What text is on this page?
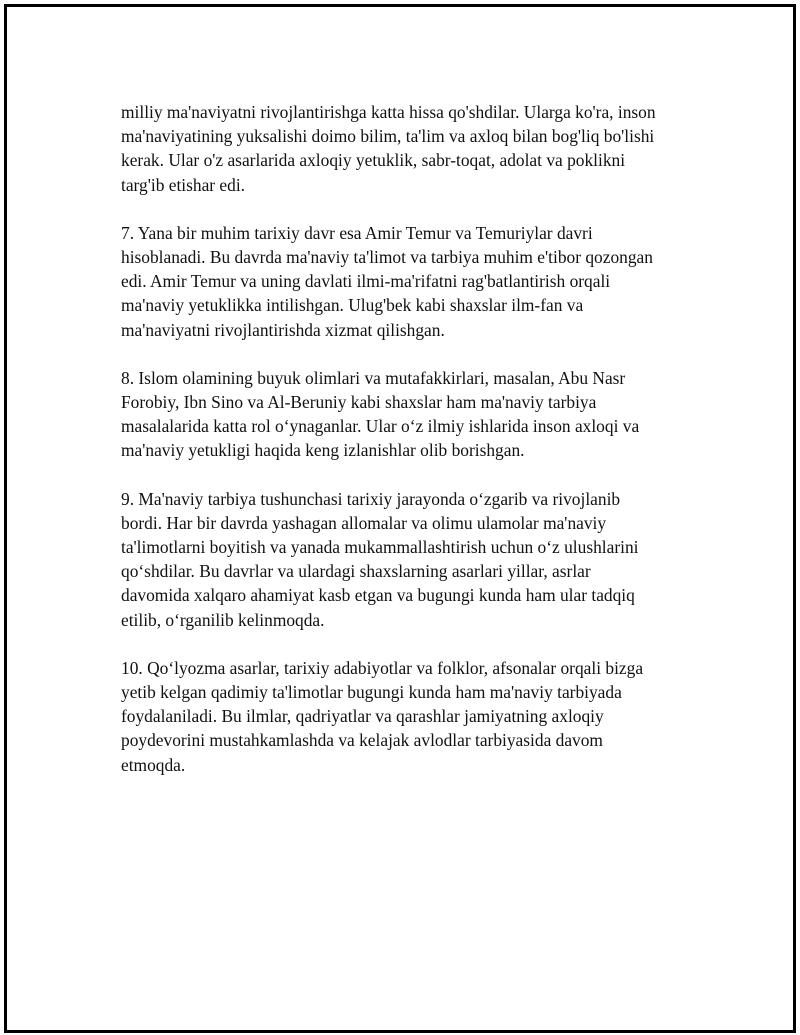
milliy ma'naviyatni rivojlantirishga katta hissa qo'shdilar. Ularga ko'ra, inson
ma'naviyatining yuksalishi doimo bilim, ta'lim va axloq bilan bog'liq bo'lishi
kerak. Ular o'z asarlarida axloqiy yetuklik, sabr-toqat, adolat va poklikni
targ'ib etishar edi.

7. Yana bir muhim tarixiy davr esa Amir Temur va Temuriylar davri
hisoblanadi. Bu davrda ma'naviy ta'limot va tarbiya muhim e'tibor qozongan
edi. Amir Temur va uning davlati ilmi-ma'rifatni rag'batlantirish orqali
ma'naviy yetuklikka intilishgan. Ulug'bek kabi shaxslar ilm-fan va
ma'naviyatni rivojlantirishda xizmat qilishgan.

8. Islom olamining buyuk olimlari va mutafakkirlari, masalan, Abu Nasr
Forobiy, Ibn Sino va Al-Beruniy kabi shaxslar ham ma'naviy tarbiya
masalalarida katta rol o‘ynaganlar. Ular o‘z ilmiy ishlarida inson axloqi va
ma'naviy yetukligi haqida keng izlanishlar olib borishgan.

9. Ma'naviy tarbiya tushunchasi tarixiy jarayonda o‘zgarib va rivojlanib
bordi. Har bir davrda yashagan allomalar va olimu ulamolar ma'naviy
ta'limotlarni boyitish va yanada mukammallashtirish uchun o‘z ulushlarini
qo‘shdilar. Bu davrlar va ulardagi shaxslarning asarlari yillar, asrlar
davomida xalqaro ahamiyat kasb etgan va bugungi kunda ham ular tadqiq
etilib, o‘rganilib kelinmoqda.

10. Qo‘lyozma asarlar, tarixiy adabiyotlar va folklor, afsonalar orqali bizga
yetib kelgan qadimiy ta'limotlar bugungi kunda ham ma'naviy tarbiyada
foydalaniladi. Bu ilmlar, qadriyatlar va qarashlar jamiyatning axloqiy
poydevorini mustahkamlashda va kelajak avlodlar tarbiyasida davom
etmoqda.
